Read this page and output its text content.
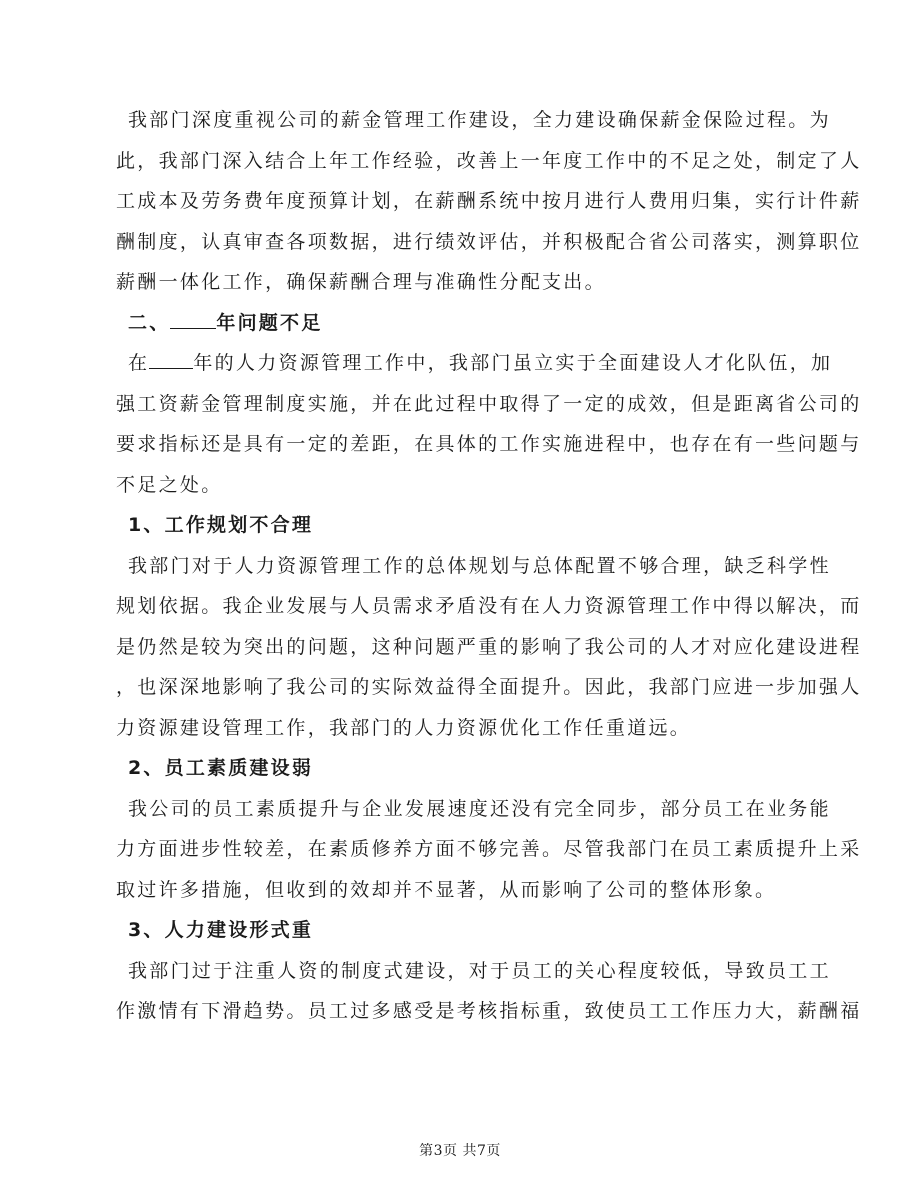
我部门深度重视公司的薪金管理工作建设，全力建设确保薪金保险过程。为
此，我部门深入结合上年工作经验，改善上一年度工作中的不足之处，制定了人
工成本及劳务费年度预算计划，在薪酬系统中按月进行人费用归集，实行计件薪
酬制度，认真审查各项数据，进行绩效评估，并积极配合省公司落实，测算职位
薪酬一体化工作，确保薪酬合理与准确性分配支出。

二、 年问题不足

在 年的人力资源管理工作中，我部门虽立实于全面建设人才化队伍，加
强工资薪金管理制度实施，并在此过程中取得了一定的成效，但是距离省公司的
要求指标还是具有一定的差距，在具体的工作实施进程中，也存在有一些问题与
不足之处。

1、工作规划不合理

我部门对于人力资源管理工作的总体规划与总体配置不够合理，缺乏科学性
规划依据。我企业发展与人员需求矛盾没有在人力资源管理工作中得以解决，而
是仍然是较为突出的问题，这种问题严重的影响了我公司的人才对应化建设进程
，也深深地影响了我公司的实际效益得全面提升。因此，我部门应进一步加强人
力资源建设管理工作，我部门的人力资源优化工作任重道远。

2、员工素质建设弱

我公司的员工素质提升与企业发展速度还没有完全同步，部分员工在业务能
力方面进步性较差，在素质修养方面不够完善。尽管我部门在员工素质提升上采
取过许多措施，但收到的效却并不显著，从而影响了公司的整体形象。

3、人力建设形式重

我部门过于注重人资的制度式建设，对于员工的关心程度较低，导致员工工
作激情有下滑趋势。员工过多感受是考核指标重，致使员工工作压力大，薪酬福

第3页 共7页
